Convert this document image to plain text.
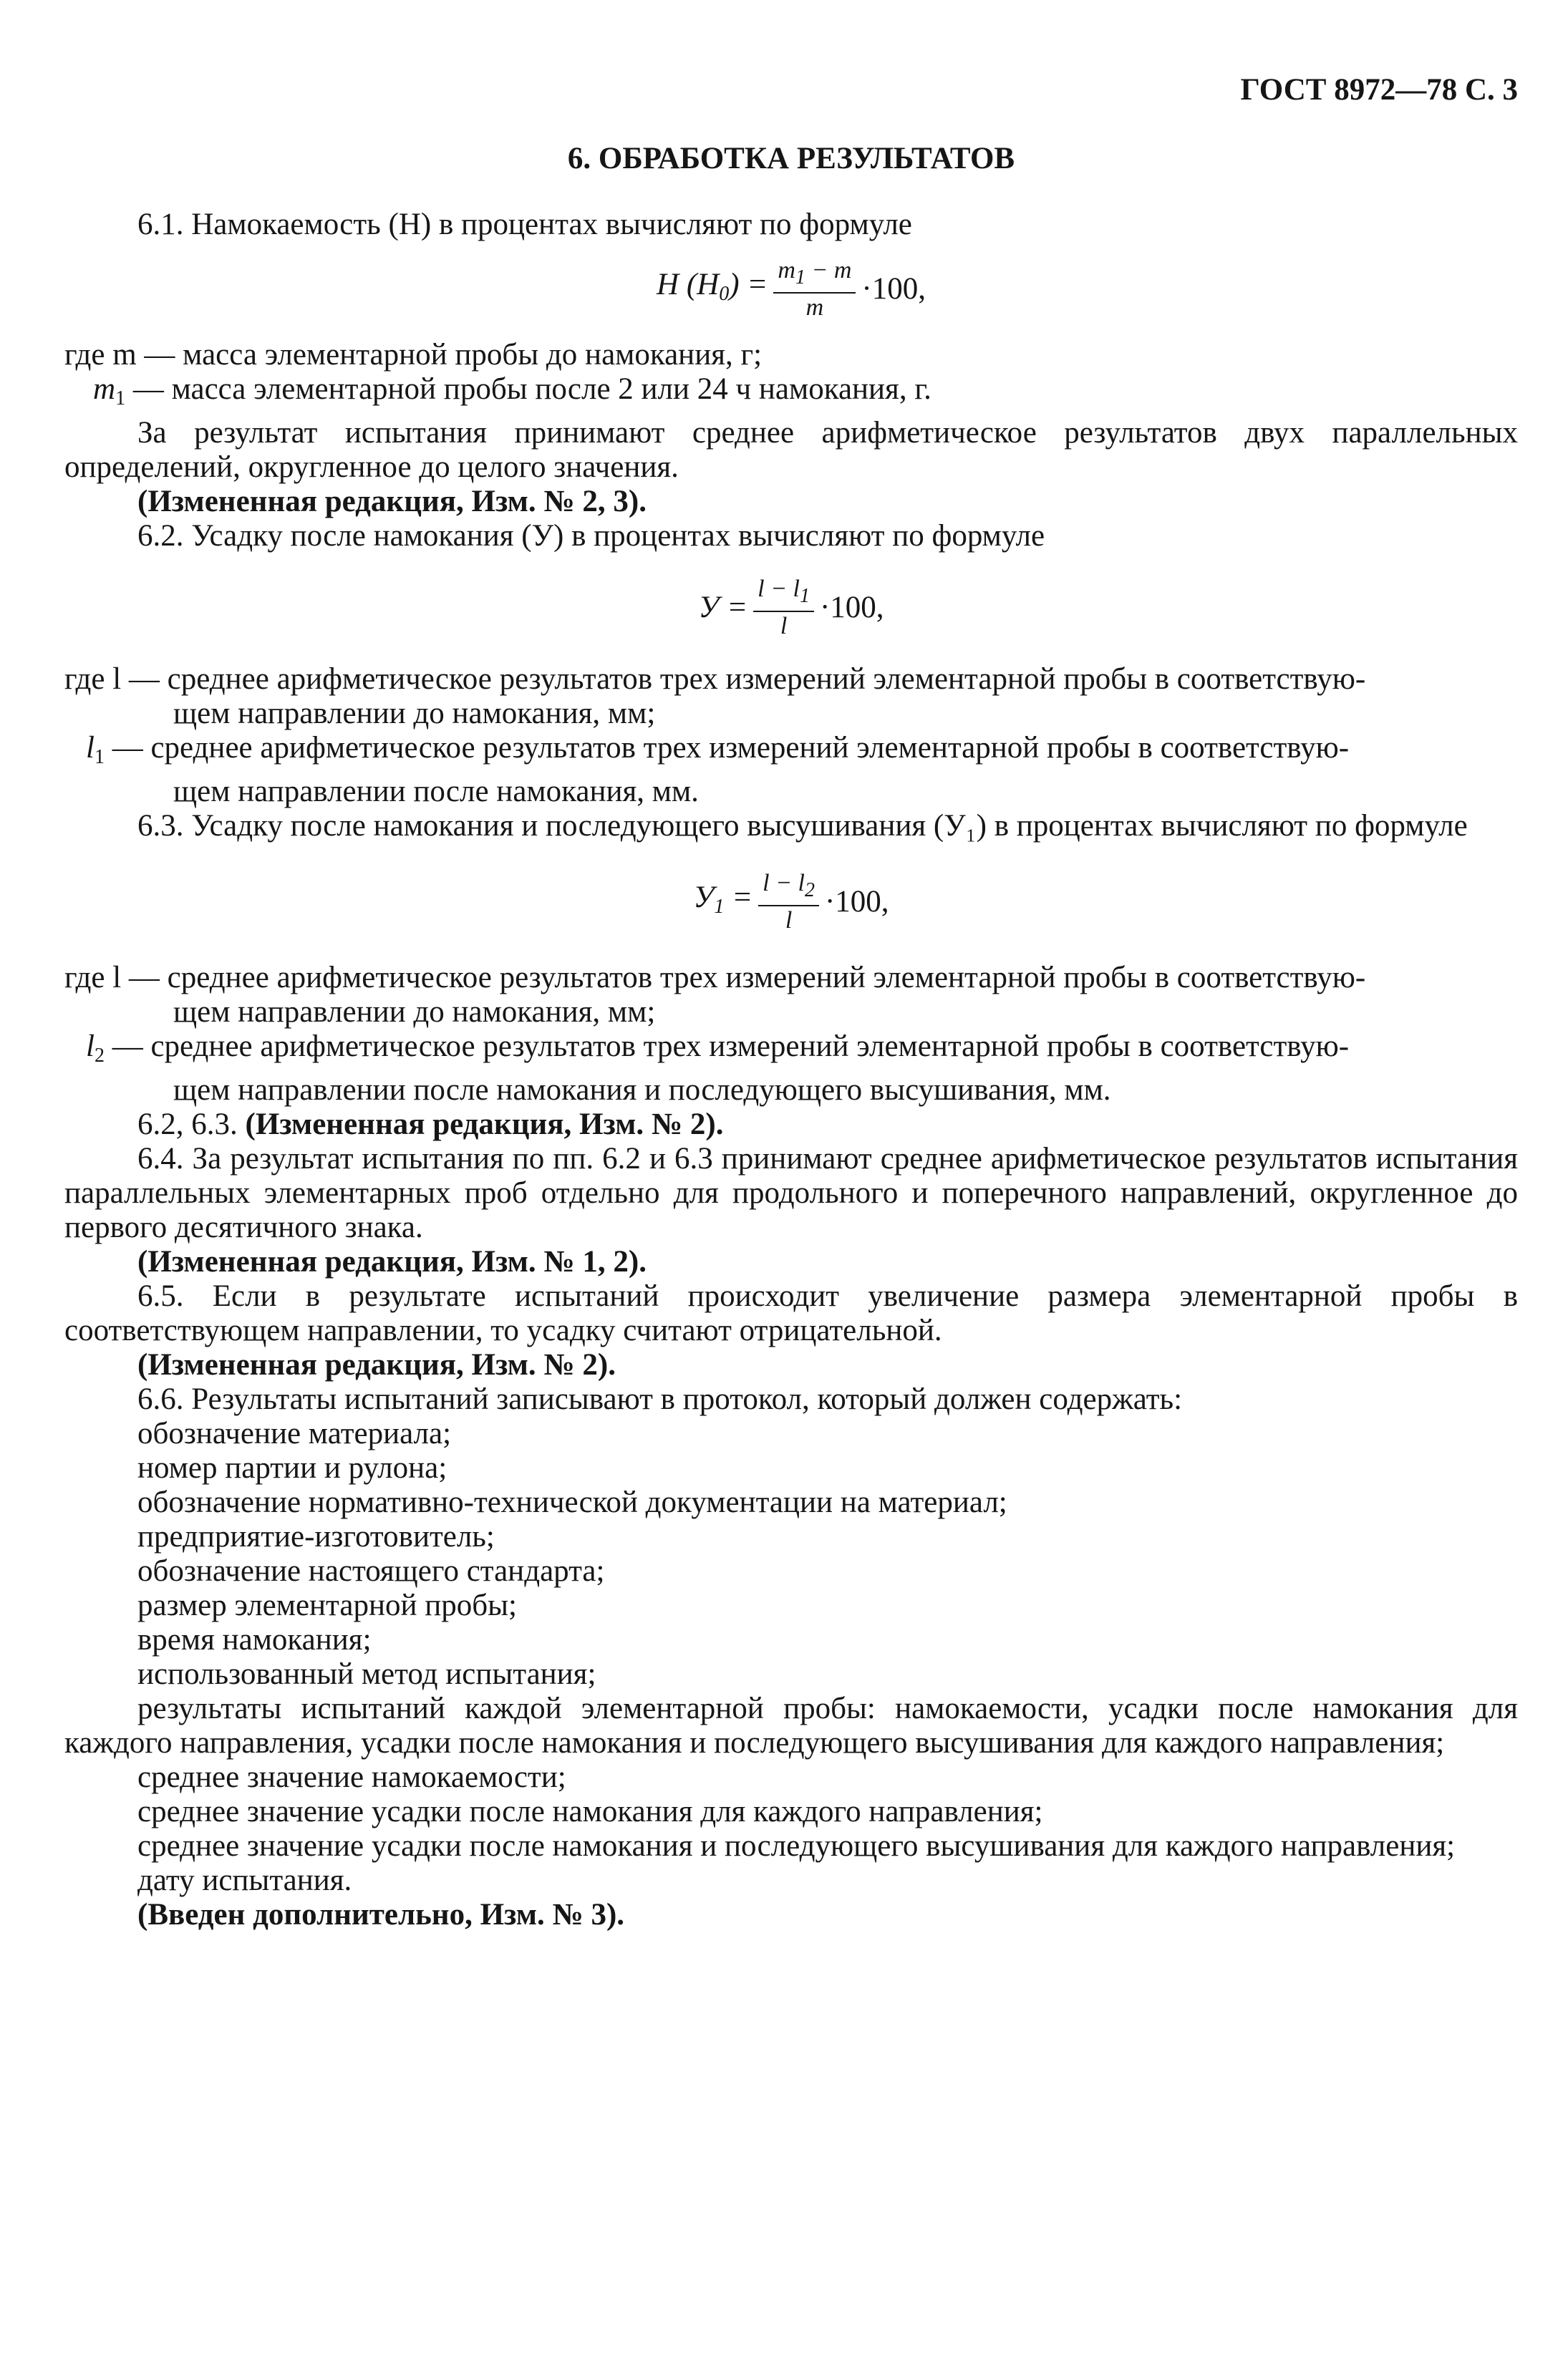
ГОСТ 8972—78 С. 3
6. ОБРАБОТКА РЕЗУЛЬТАТОВ

6.1. Намокаемость (Н) в процентах вычисляют по формуле

Н $(Н_0) = \frac{m_1 - m}{m} \cdot 100$,

где m — масса элементарной пробы до намокания, г;

$m_1$ — масса элементарной пробы после 2 или 24 ч намокания, г.

За результат испытания принимают среднее арифметическое результатов двух параллельных определений, округленное до целого значения.

(Измененная редакция, Изм. № 2, 3).

6.2. Усадку после намокания (У) в процентах вычисляют по формуле

$У = \frac{l - l_1}{l} \cdot 100$,

где l — среднее арифметическое результатов трех измерений элементарной пробы в соответствую-

щем направлении до намокания, мм;

$l_1$ — среднее арифметическое результатов трех измерений элементарной пробы в соответствую-

щем направлении после намокания, мм.

6.3. Усадку после намокания и последующего высушивания (У₁) в процентах вычисляют по формуле

$У_1 = \frac{l - l_2}{l} \cdot 100$,

где l — среднее арифметическое результатов трех измерений элементарной пробы в соответствую-

щем направлении до намокания, мм;

$l_2$ — среднее арифметическое результатов трех измерений элементарной пробы в соответствую-

щем направлении после намокания и последующего высушивания, мм.

6.2, 6.3. (Измененная редакция, Изм. № 2).

6.4. За результат испытания по пп. 6.2 и 6.3 принимают среднее арифметическое результатов испытания параллельных элементарных проб отдельно для продольного и поперечного направлений, округленное до первого десятичного знака.

(Измененная редакция, Изм. № 1, 2).

6.5. Если в результате испытаний происходит увеличение размера элементарной пробы в соответствующем направлении, то усадку считают отрицательной.

(Измененная редакция, Изм. № 2).

6.6. Результаты испытаний записывают в протокол, который должен содержать:

обозначение материала;

номер партии и рулона;

обозначение нормативно-технической документации на материал;

предприятие-изготовитель;

обозначение настоящего стандарта;

размер элементарной пробы;

время намокания;

использованный метод испытания;

результаты испытаний каждой элементарной пробы: намокаемости, усадки после намокания для каждого направления, усадки после намокания и последующего высушивания для каждого направления;

среднее значение намокаемости;

среднее значение усадки после намокания для каждого направления;

среднее значение усадки после намокания и последующего высушивания для каждого направления;

дату испытания.

(Введен дополнительно, Изм. № 3).
